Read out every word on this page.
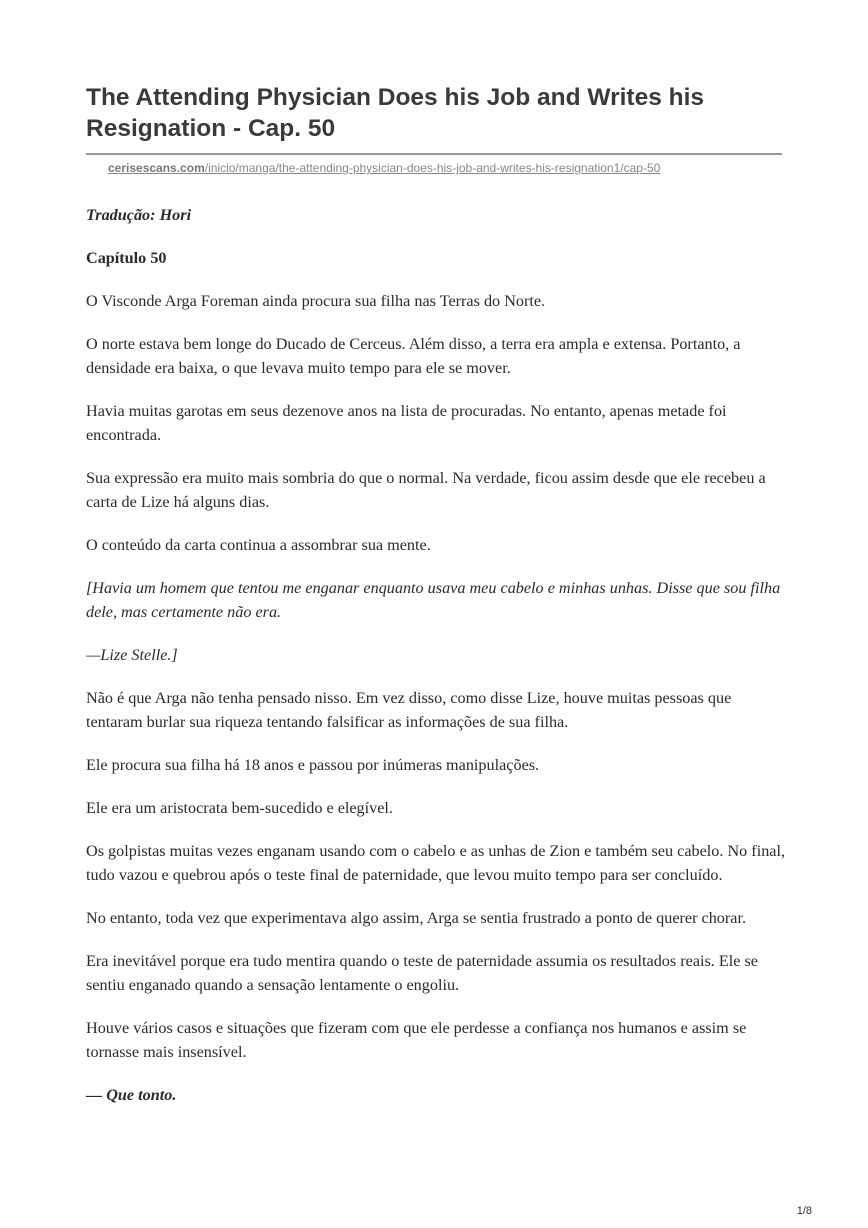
The Attending Physician Does his Job and Writes his Resignation - Cap. 50
cerisescans.com/inicio/manga/the-attending-physician-does-his-job-and-writes-his-resignation1/cap-50

Tradução: Hori

Capítulo 50

O Visconde Arga Foreman ainda procura sua filha nas Terras do Norte.

O norte estava bem longe do Ducado de Cerceus. Além disso, a terra era ampla e extensa. Portanto, a densidade era baixa, o que levava muito tempo para ele se mover.

Havia muitas garotas em seus dezenove anos na lista de procuradas. No entanto, apenas metade foi encontrada.

Sua expressão era muito mais sombria do que o normal. Na verdade, ficou assim desde que ele recebeu a carta de Lize há alguns dias.

O conteúdo da carta continua a assombrar sua mente.

[Havia um homem que tentou me enganar enquanto usava meu cabelo e minhas unhas. Disse que sou filha dele, mas certamente não era.

—Lize Stelle.]

Não é que Arga não tenha pensado nisso. Em vez disso, como disse Lize, houve muitas pessoas que tentaram burlar sua riqueza tentando falsificar as informações de sua filha.

Ele procura sua filha há 18 anos e passou por inúmeras manipulações.

Ele era um aristocrata bem-sucedido e elegível.

Os golpistas muitas vezes enganam usando com o cabelo e as unhas de Zion e também seu cabelo. No final, tudo vazou e quebrou após o teste final de paternidade, que levou muito tempo para ser concluído.

No entanto, toda vez que experimentava algo assim, Arga se sentia frustrado a ponto de querer chorar.

Era inevitável porque era tudo mentira quando o teste de paternidade assumia os resultados reais. Ele se sentiu enganado quando a sensação lentamente o engoliu.

Houve vários casos e situações que fizeram com que ele perdesse a confiança nos humanos e assim se tornasse mais insensível.

— Que tonto.

1/8
